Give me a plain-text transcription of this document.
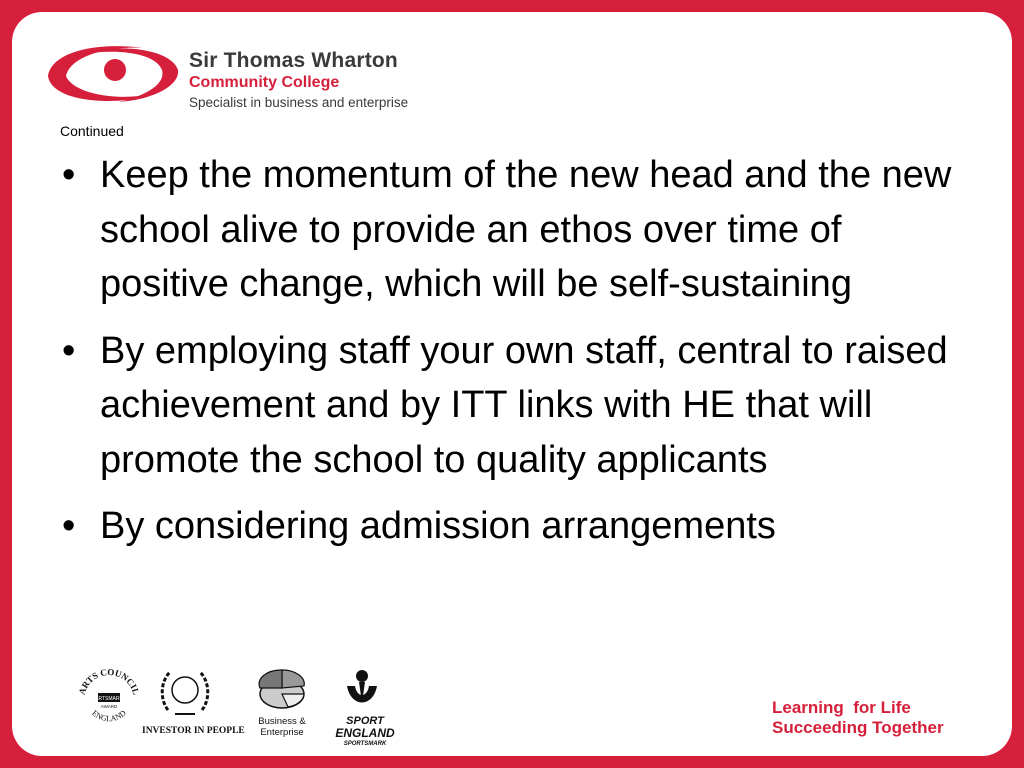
Sir Thomas Wharton
Community College
Specialist in business and enterprise
Continued
• Keep the momentum of the new head and the new school alive to provide an ethos over time of positive change, which will be self-sustaining
• By employing staff your own staff, central to raised achievement and by ITT links with HE that will promote the school to quality applicants
• By considering admission arrangements
ARTS COUNCIL
ENGLAND
ARTSMARK
AWARD
INVESTOR IN PEOPLE
Business &
Enterprise
SPORT
ENGLAND
SPORTSMARK
Learning  for Life
Succeeding Together
